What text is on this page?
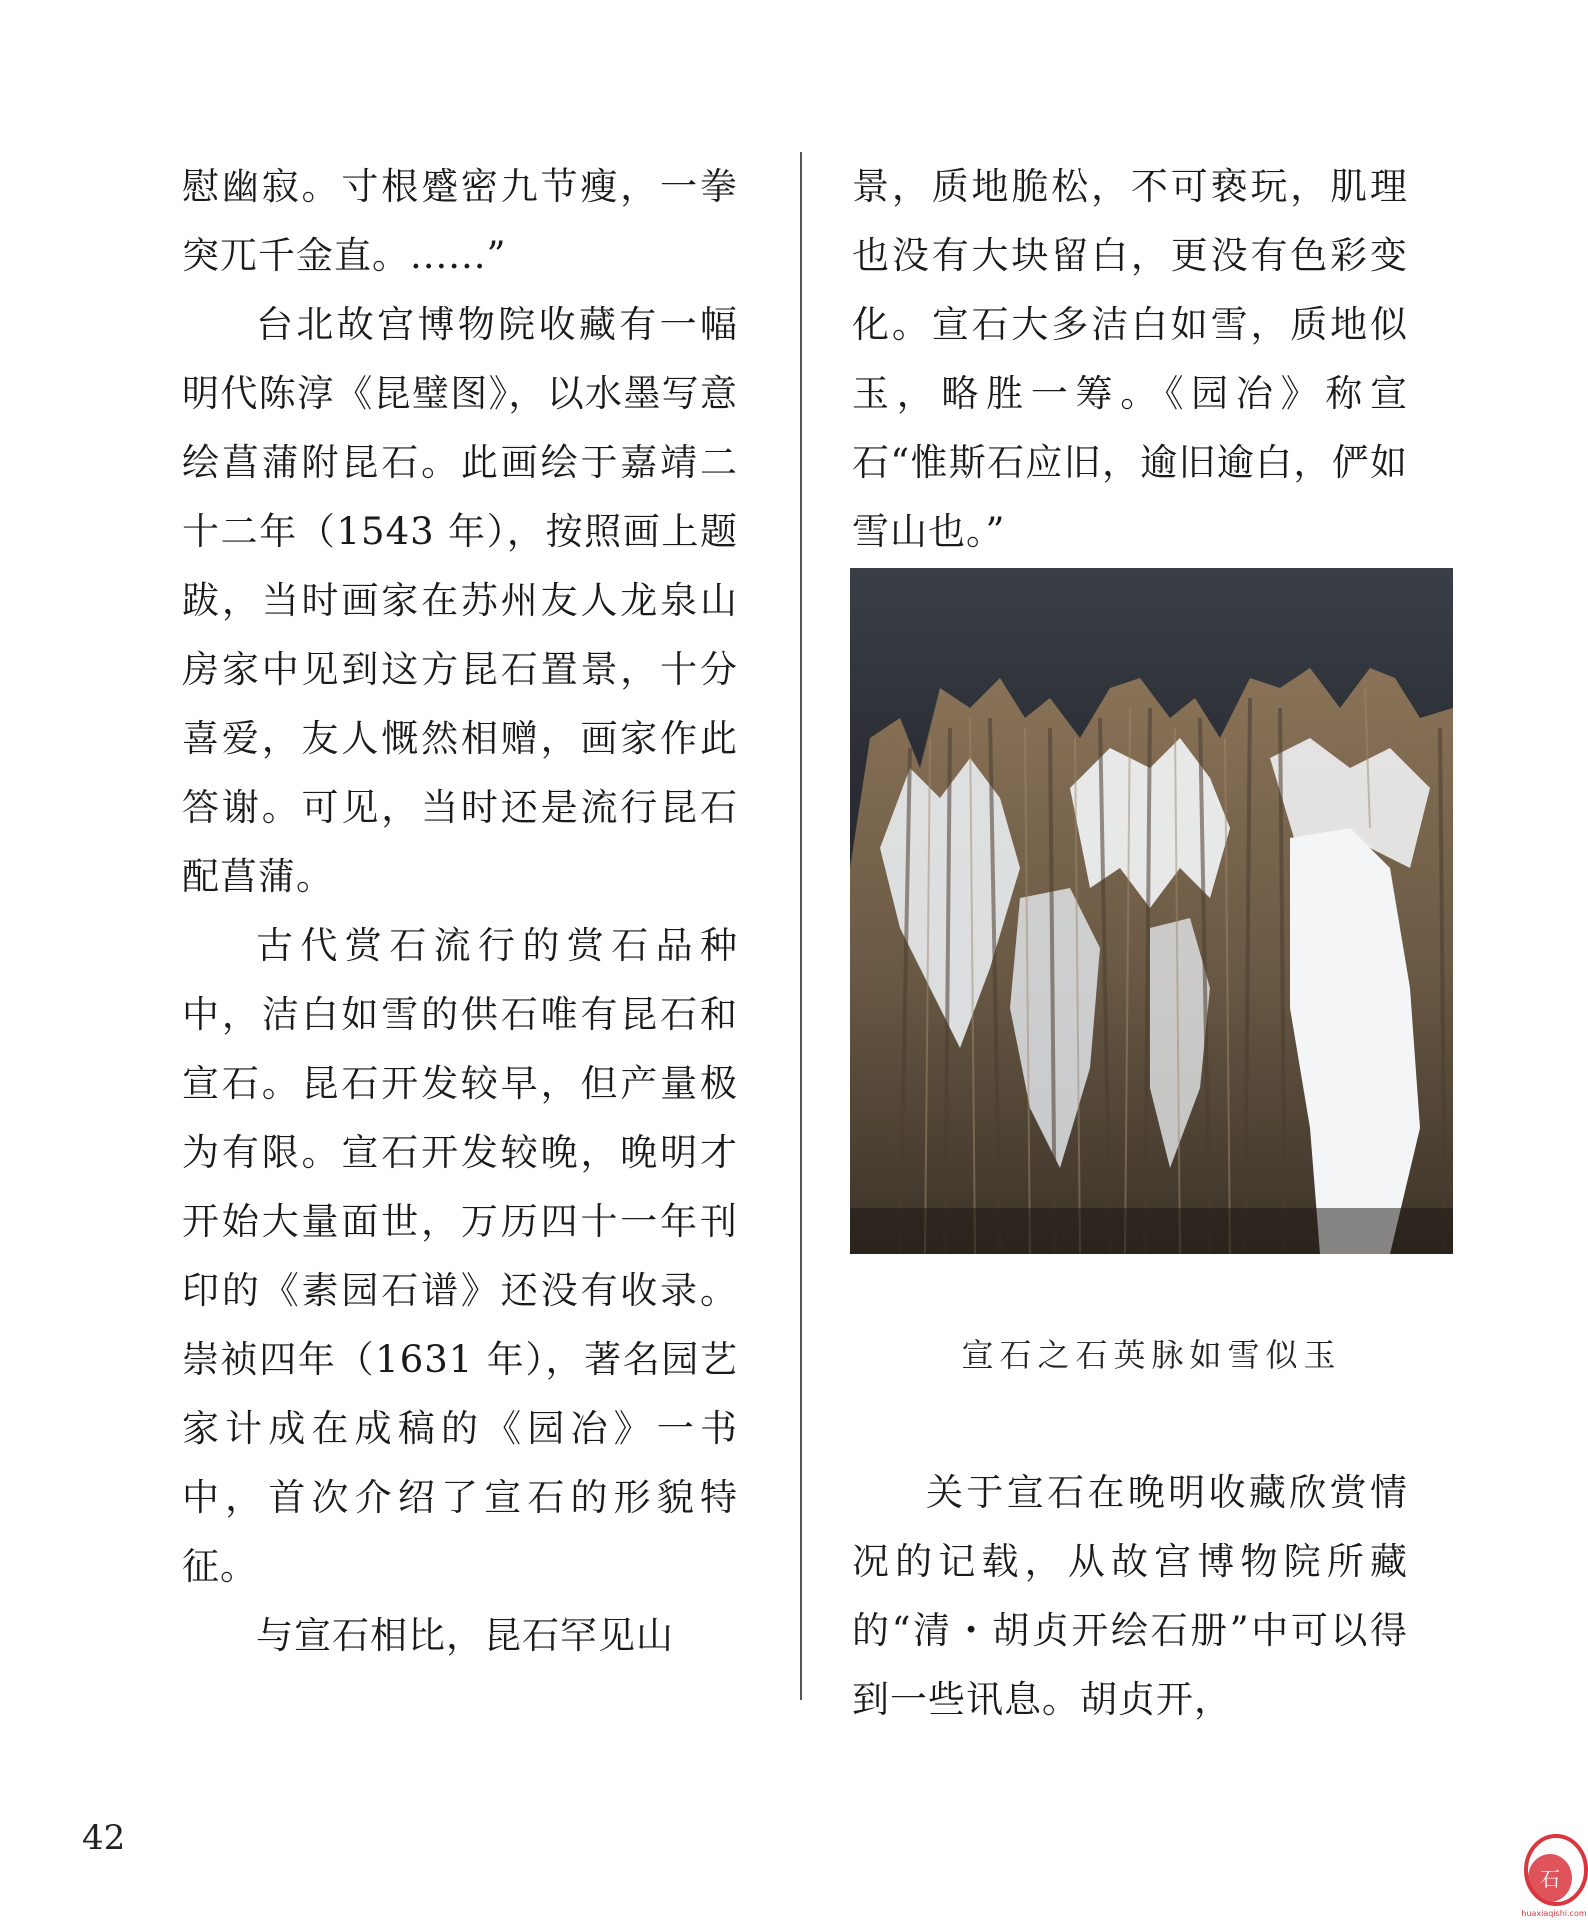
慰幽寂。寸根蹙密九节瘦，一拳突兀千金直。......”

台北故宫博物院收藏有一幅明代陈淳《昆璧图》，以水墨写意绘菖蒲附昆石。此画绘于嘉靖二十二年（1543 年），按照画上题跋，当时画家在苏州友人龙泉山房家中见到这方昆石置景，十分喜爱，友人慨然相赠，画家作此答谢。可见，当时还是流行昆石配菖蒲。

古代赏石流行的赏石品种中，洁白如雪的供石唯有昆石和宣石。昆石开发较早，但产量极为有限。宣石开发较晚，晚明才开始大量面世，万历四十一年刊印的《素园石谱》还没有收录。崇祯四年（1631 年），著名园艺家计成在成稿的《园冶》一书中，首次介绍了宣石的形貌特征。

与宣石相比，昆石罕见山

景，质地脆松，不可亵玩，肌理也没有大块留白，更没有色彩变化。宣石大多洁白如雪，质地似玉，略胜一筹。《园冶》称宣石“惟斯石应旧，逾旧逾白，俨如雪山也。”

宣石之石英脉如雪似玉

关于宣石在晚明收藏欣赏情况的记载，从故宫博物院所藏的“清・胡贞开绘石册”中可以得到一些讯息。胡贞开，

42
石
huaxiaqishi.com
